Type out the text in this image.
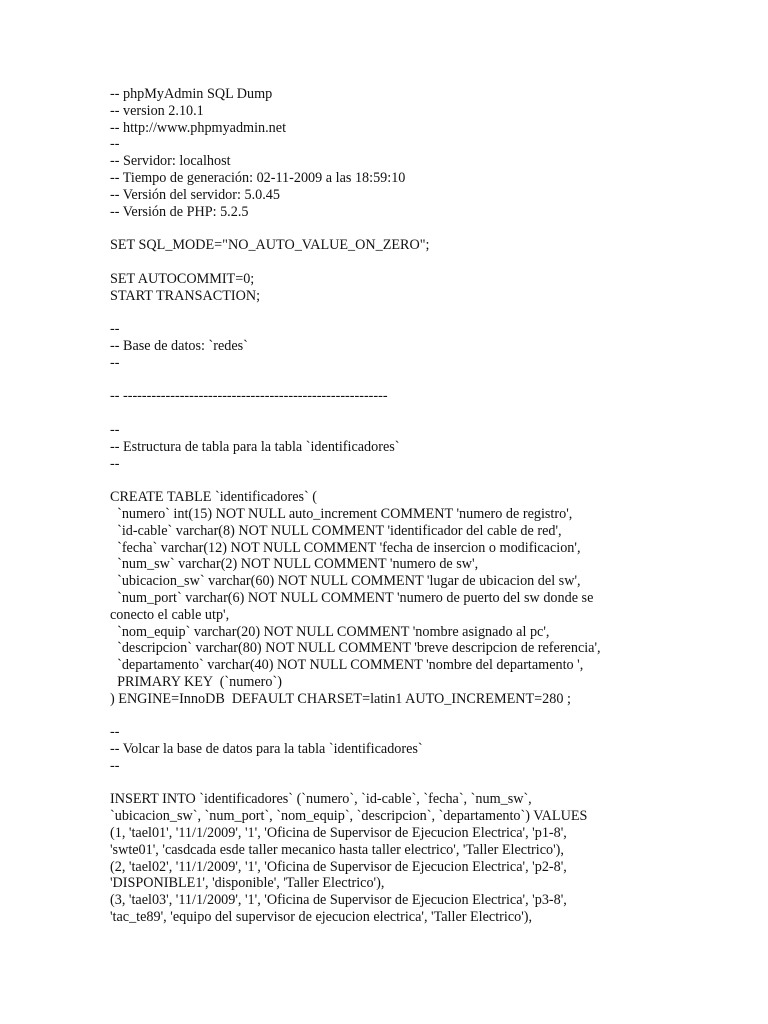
-- phpMyAdmin SQL Dump
-- version 2.10.1
-- http://www.phpmyadmin.net
--
-- Servidor: localhost
-- Tiempo de generación: 02-11-2009 a las 18:59:10
-- Versión del servidor: 5.0.45
-- Versión de PHP: 5.2.5
SET SQL_MODE="NO_AUTO_VALUE_ON_ZERO";
SET AUTOCOMMIT=0;
START TRANSACTION;
--
-- Base de datos: `redes`
--
-- --------------------------------------------------------
--
-- Estructura de tabla para la tabla `identificadores`
--
CREATE TABLE `identificadores` (
`numero` int(15) NOT NULL auto_increment COMMENT 'numero de registro',
`id-cable` varchar(8) NOT NULL COMMENT 'identificador del cable de red',
`fecha` varchar(12) NOT NULL COMMENT 'fecha de insercion o modificacion',
`num_sw` varchar(2) NOT NULL COMMENT 'numero de sw',
`ubicacion_sw` varchar(60) NOT NULL COMMENT 'lugar de ubicacion del sw',
`num_port` varchar(6) NOT NULL COMMENT 'numero de puerto del sw donde se
conecto el cable utp',
`nom_equip` varchar(20) NOT NULL COMMENT 'nombre asignado al pc',
`descripcion` varchar(80) NOT NULL COMMENT 'breve descripcion de referencia',
`departamento` varchar(40) NOT NULL COMMENT 'nombre del departamento ',
PRIMARY KEY  (`numero`)
) ENGINE=InnoDB  DEFAULT CHARSET=latin1 AUTO_INCREMENT=280 ;
--
-- Volcar la base de datos para la tabla `identificadores`
--
INSERT INTO `identificadores` (`numero`, `id-cable`, `fecha`, `num_sw`,
`ubicacion_sw`, `num_port`, `nom_equip`, `descripcion`, `departamento`) VALUES
(1, 'tael01', '11/1/2009', '1', 'Oficina de Supervisor de Ejecucion Electrica', 'p1-8',
'swte01', 'casdcada esde taller mecanico hasta taller electrico', 'Taller Electrico'),
(2, 'tael02', '11/1/2009', '1', 'Oficina de Supervisor de Ejecucion Electrica', 'p2-8',
'DISPONIBLE1', 'disponible', 'Taller Electrico'),
(3, 'tael03', '11/1/2009', '1', 'Oficina de Supervisor de Ejecucion Electrica', 'p3-8',
'tac_te89', 'equipo del supervisor de ejecucion electrica', 'Taller Electrico'),
